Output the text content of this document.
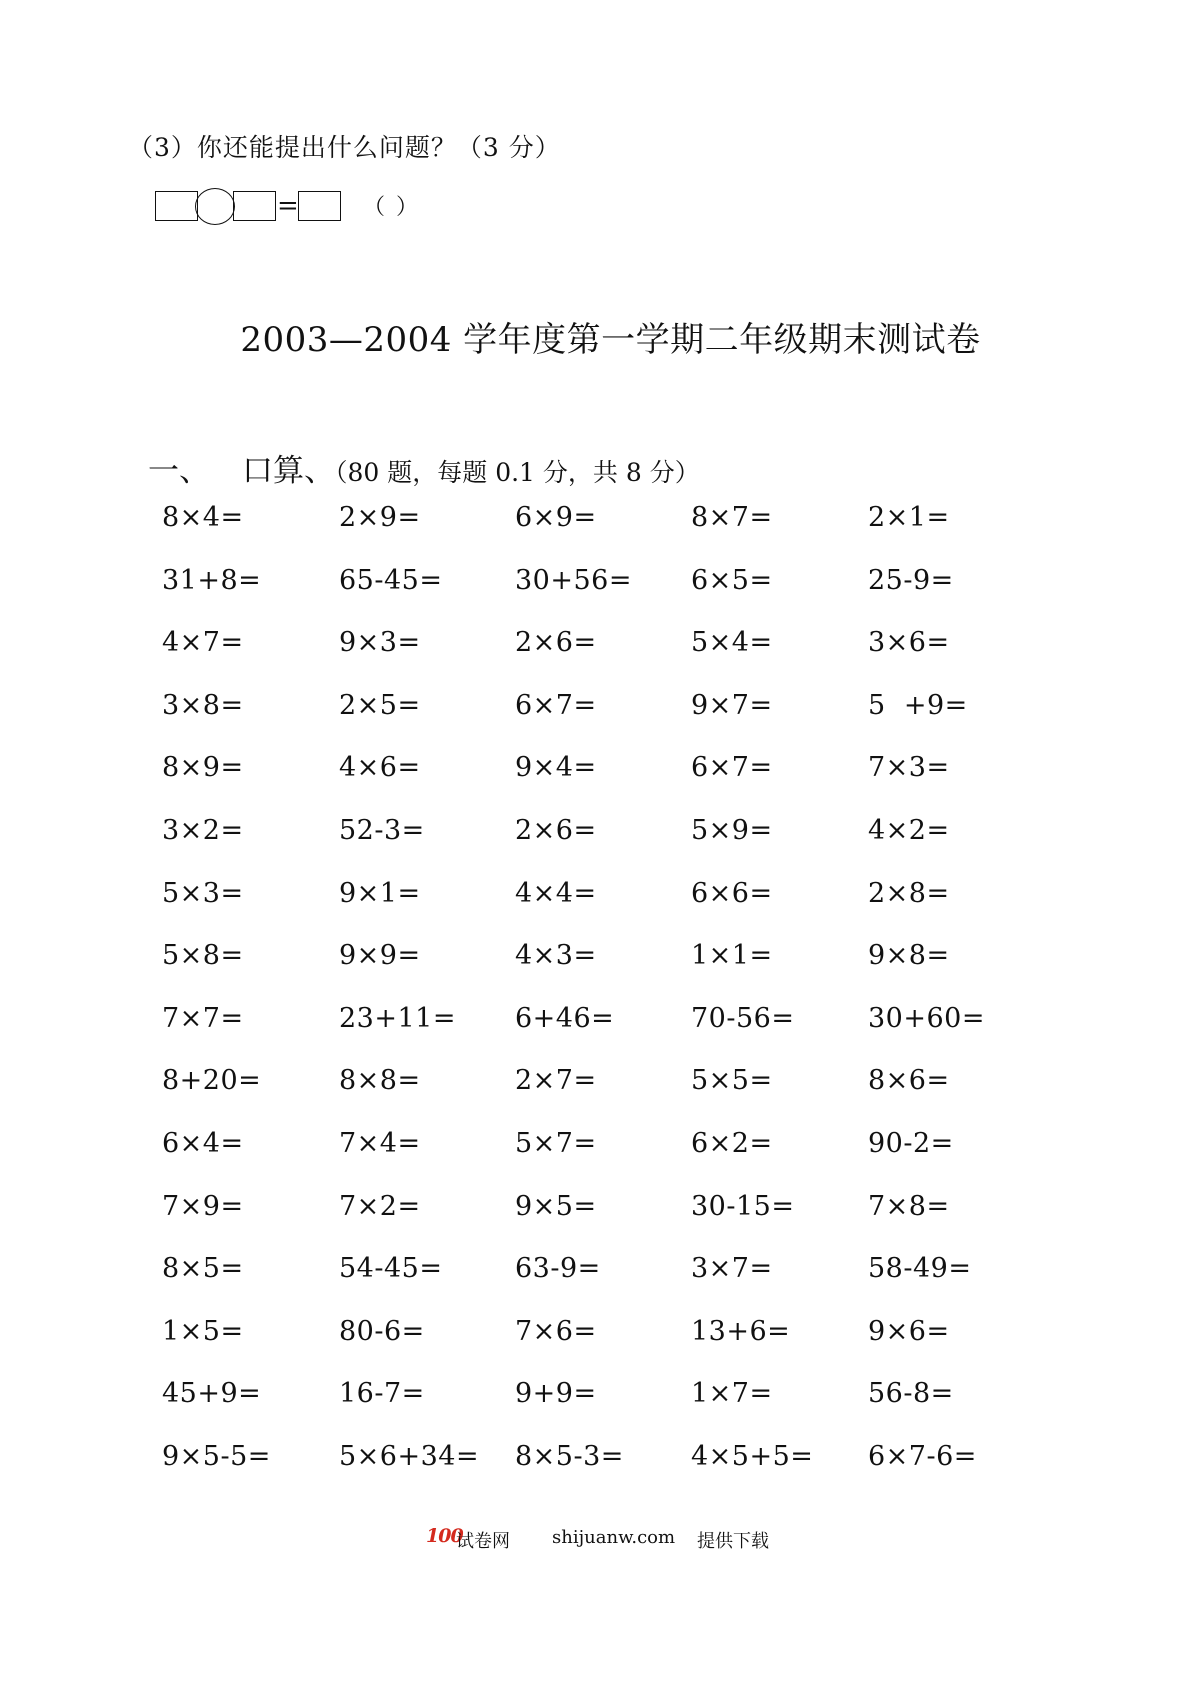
（3）你还能提出什么问题？（3 分）
=	（ ）
2003—2004 学年度第一学期二年级期末测试卷
一、 口算、（80 题，每题 0.1 分，共 8 分）
8×4=	2×9=	6×9=	8×7=	2×1=
31+8=	65-45=	30+56= 6×5=	25-9=
4×7=	9×3=	2×6=	5×4=	3×6=
3×8=	2×5=	6×7=	9×7=	5  +9=
8×9=	4×6=	9×4=	6×7=	7×3=
3×2=	52-3=	2×6=	5×9=	4×2=
5×3=	9×1=	4×4=	6×6=	2×8=
5×8=	9×9=	4×3=	1×1=	9×8=
7×7=	23+11= 6+46=	70-56=	30+60=
8+20=	8×8=	2×7=	5×5=	8×6=
6×4=	7×4=	5×7=	6×2=	90-2=
7×9=	7×2=	9×5=	30-15=	7×8=
8×5=	54-45=	63-9=	3×7=	58-49=
1×5=	80-6=	7×6=	13+6=	9×6=
45+9=	16-7=	9+9=	1×7=	56-8=
9×5-5=	5×6+34= 8×5-3= 4×5+5= 6×7-6=
100
试卷网 shijuanw.com 提供下载
